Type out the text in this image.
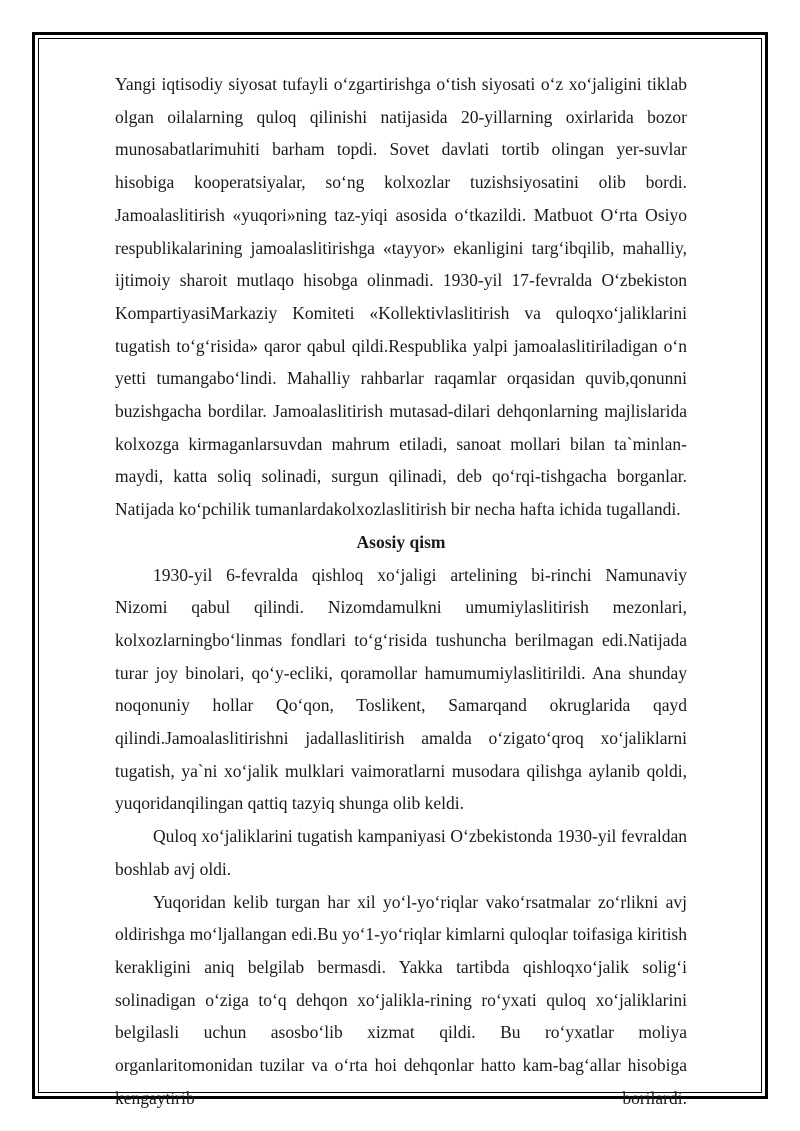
Yangi iqtisodiy siyosat tufayli o‘zgartirishga o‘tish siyosati o‘z xo‘jaligini tiklab olgan oilalarning quloq qilinishi natijasida 20-yillarning oxirlarida bozor munosabatlarimuhiti barham topdi. Sovet davlati tortib olingan yer-suvlar hisobiga kooperatsiyalar, so‘ng kolxozlar tuzishsiyosatini olib bordi. Jamoalaslitirish «yuqori»ning taz-yiqi asosida o‘tkazildi. Matbuot O‘rta Osiyo respublikalarining jamoalaslitirishga «tayyor» ekanligini targ‘ibqilib, mahalliy, ijtimoiy sharoit mutlaqo hisobga olinmadi. 1930-yil 17-fevralda O‘zbekiston KompartiyasiMarkaziy Komiteti «Kollektivlaslitirish va quloqxo‘jaliklarini tugatish to‘g‘risida» qaror qabul qildi.Respublika yalpi jamoalaslitiriladigan o‘n yetti tumangabo‘lindi. Mahalliy rahbarlar raqamlar orqasidan quvib,qonunni buzishgacha bordilar. Jamoalaslitirish mutasad-dilari dehqonlarning majlislarida kolxozga kirmaganlarsuvdan mahrum etiladi, sanoat mollari bilan ta`minlan-maydi, katta soliq solinadi, surgun qilinadi, deb qo‘rqi-tishgacha borganlar. Natijada ko‘pchilik tumanlardakolxozlaslitirish bir necha hafta ichida tugallandi.

Asosiy qism

1930-yil 6-fevralda qishloq xo‘jaligi artelining bi-rinchi Namunaviy Nizomi qabul qilindi. Nizomdamulkni umumiylaslitirish mezonlari, kolxozlarningbo‘linmas fondlari to‘g‘risida tushuncha berilmagan edi.Natijada turar joy binolari, qo‘y-ecliki, qoramollar hamumumiylaslitirildi. Ana shunday noqonuniy hollar Qo‘qon, Toslikent, Samarqand okruglarida qayd qilindi.Jamoalaslitirishni jadallaslitirish amalda o‘zigato‘qroq xo‘jaliklarni tugatish, ya`ni xo‘jalik mulklari vaimoratlarni musodara qilishga aylanib qoldi, yuqoridanqilingan qattiq tazyiq shunga olib keldi.

Quloq xo‘jaliklarini tugatish kampaniyasi O‘zbekistonda 1930-yil fevraldan boshlab avj oldi.

Yuqoridan kelib turgan har xil yo‘l-yo‘riqlar vako‘rsatmalar zo‘rlikni avj oldirishga mo‘ljallangan edi.Bu yo‘1-yo‘riqlar kimlarni quloqlar toifasiga kiritish kerakligini aniq belgilab bermasdi. Yakka tartibda qishloqxo‘jalik solig‘i solinadigan o‘ziga to‘q dehqon xo‘jalikla-rining ro‘yxati quloq xo‘jaliklarini belgilasli uchun asosbo‘lib xizmat qildi. Bu ro‘yxatlar moliya organlaritomonidan tuzilar va o‘rta hoi dehqonlar hatto kam-bag‘allar hisobiga kengaytirib borilardi.
